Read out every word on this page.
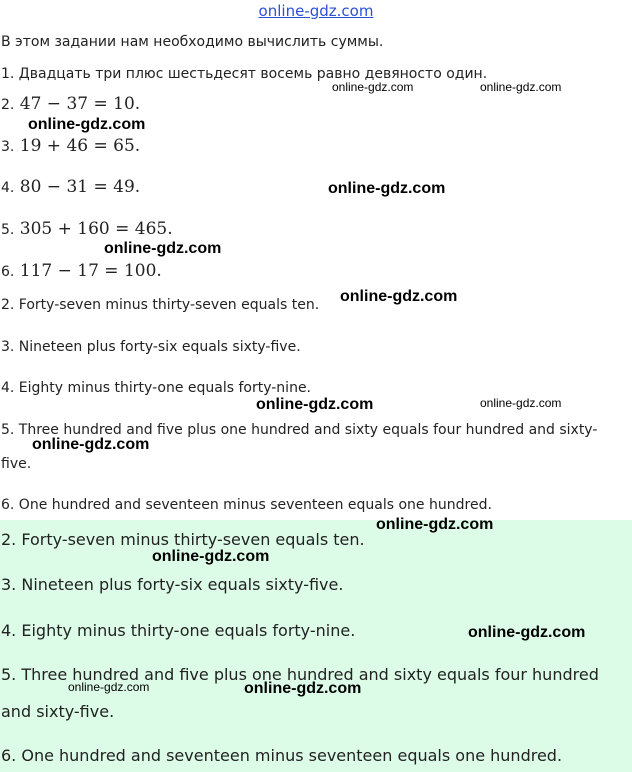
online-gdz.com
В этом задании нам необходимо вычислить суммы.
1. Двадцать три плюс шестьдесят восемь равно девяносто один.
2. 47 − 37 = 10.
3. 19 + 46 = 65.
4. 80 − 31 = 49.
5. 305 + 160 = 465.
6. 117 − 17 = 100.
2. Forty-seven minus thirty-seven equals ten.
3. Nineteen plus forty-six equals sixty-five.
4. Eighty minus thirty-one equals forty-nine.
5. Three hundred and five plus one hundred and sixty equals four hundred and sixty-five.
6. One hundred and seventeen minus seventeen equals one hundred.
2. Forty-seven minus thirty-seven equals ten.
3. Nineteen plus forty-six equals sixty-five.
4. Eighty minus thirty-one equals forty-nine.
5. Three hundred and five plus one hundred and sixty equals four hundred and sixty-five.
6. One hundred and seventeen minus seventeen equals one hundred.
online-gdz.com	online-gdz.com
online-gdz.com
online-gdz.com
online-gdz.com
online-gdz.com
online-gdz.com	online-gdz.com
online-gdz.com
online-gdz.com
online-gdz.com
online-gdz.com
online-gdz.com	online-gdz.com
